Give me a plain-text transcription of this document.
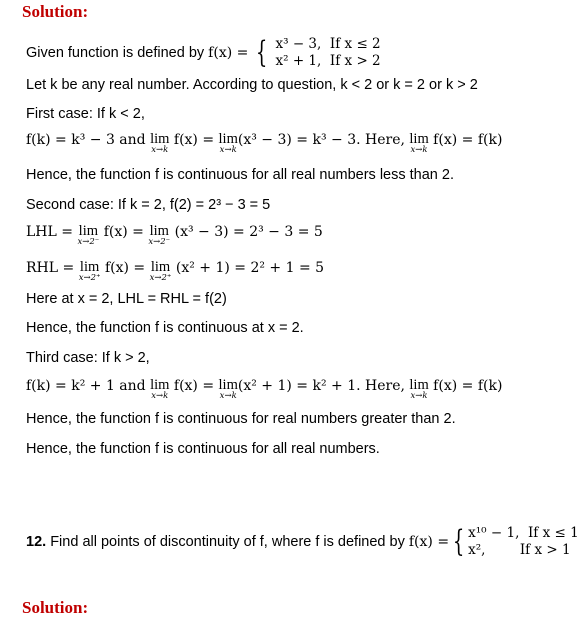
Solution:
Given function is defined by f(x) = { x³ − 3, If x ≤ 2
x² + 1, If x > 2
Let k be any real number. According to question, k < 2 or k = 2 or k > 2
First case: If k < 2,
f(k) = k³ − 3 and lim
x→k
f(x) = lim
x→k
(x³ − 3) = k³ − 3. Here, lim
x→k
f(x) = f(k)
Hence, the function f is continuous for all real numbers less than 2.
Second case: If k = 2, f(2) = 2³ − 3 = 5
LHL = lim
x→2⁻
f(x) = lim
x→2⁻
(x³ − 3) = 2³ − 3 = 5
RHL = lim
x→2⁺
f(x) = lim
x→2⁺
(x² + 1) = 2² + 1 = 5
Here at x = 2, LHL = RHL = f(2)
Hence, the function f is continuous at x = 2.
Third case: If k > 2,
f(k) = k² + 1 and lim
x→k
f(x) = lim
x→k
(x² + 1) = k² + 1. Here, lim
x→k
f(x) = f(k)
Hence, the function f is continuous for real numbers greater than 2.
Hence, the function f is continuous for all real numbers.
12. Find all points of discontinuity of f, where f is defined by f(x) = { x¹⁰ − 1, If x ≤ 1
x²,	If x > 1
Solution:
